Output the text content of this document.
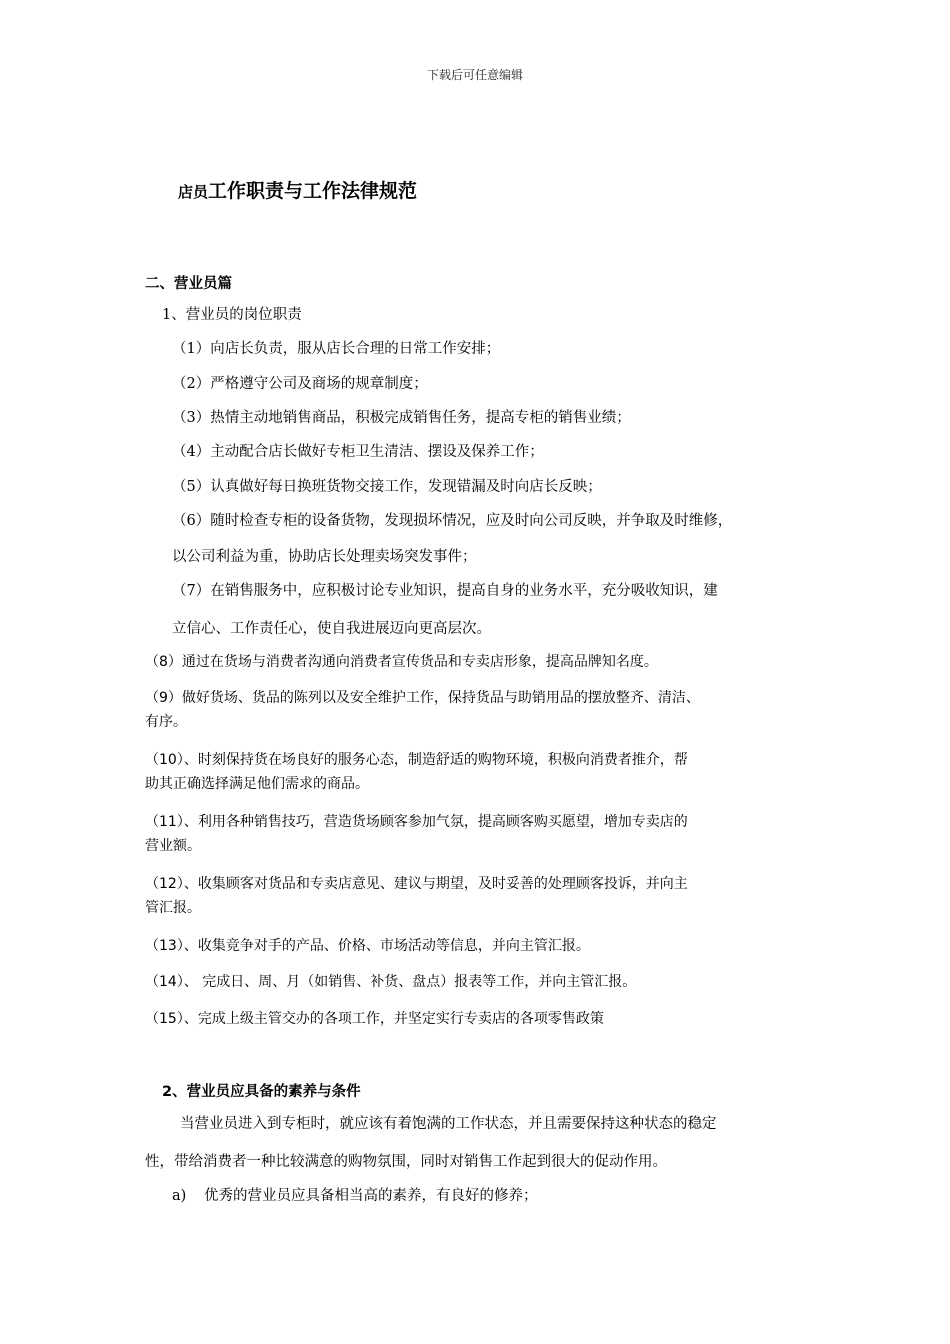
下载后可任意编辑
店员工作职责与工作法律规范
二、营业员篇
1、营业员的岗位职责
（1）向店长负责，服从店长合理的日常工作安排；
（2）严格遵守公司及商场的规章制度；
（3）热情主动地销售商品，积极完成销售任务，提高专柜的销售业绩；
（4）主动配合店长做好专柜卫生清洁、摆设及保养工作；
（5）认真做好每日换班货物交接工作，发现错漏及时向店长反映；
（6）随时检查专柜的设备货物，发现损坏情况，应及时向公司反映，并争取及时维修，
以公司利益为重，协助店长处理卖场突发事件；
（7）在销售服务中，应积极讨论专业知识，提高自身的业务水平，充分吸收知识，建
立信心、工作责任心，使自我进展迈向更高层次。
（8）通过在货场与消费者沟通向消费者宣传货品和专卖店形象，提高品牌知名度。
（9）做好货场、货品的陈列以及安全维护工作，保持货品与助销用品的摆放整齐、清洁、
有序。
（10）、时刻保持货在场良好的服务心态，制造舒适的购物环境，积极向消费者推介，帮
助其正确选择满足他们需求的商品。
（11）、利用各种销售技巧，营造货场顾客参加气氛，提高顾客购买愿望，增加专卖店的
营业额。
（12）、收集顾客对货品和专卖店意见、建议与期望，及时妥善的处理顾客投诉，并向主
管汇报。
（13）、收集竞争对手的产品、价格、市场活动等信息，并向主管汇报。
（14）、 完成日、周、月（如销售、补货、盘点）报表等工作，并向主管汇报。
（15）、完成上级主管交办的各项工作，并坚定实行专卖店的各项零售政策
2、营业员应具备的素养与条件
当营业员进入到专柜时，就应该有着饱满的工作状态，并且需要保持这种状态的稳定
性，带给消费者一种比较满意的购物氛围，同时对销售工作起到很大的促动作用。
a) 优秀的营业员应具备相当高的素养，有良好的修养；
